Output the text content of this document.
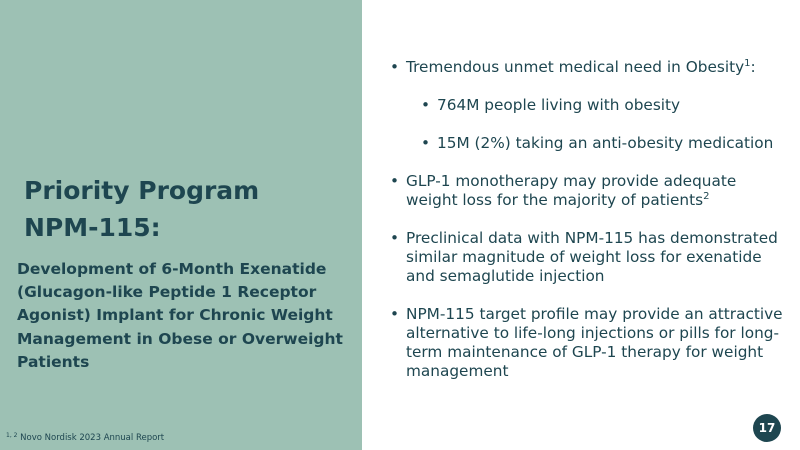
Priority Program
NPM-115:

Development of 6-Month Exenatide (Glucagon-like Peptide 1 Receptor Agonist) Implant for Chronic Weight Management in Obese or Overweight Patients

$^{1, 2}$ Novo Nordisk 2023 Annual Report

• Tremendous unmet medical need in Obesity$^1$:
• 764M people living with obesity
• 15M (2%) taking an anti-obesity medication
• GLP-1 monotherapy may provide adequate weight loss for the majority of patients$^2$
• Preclinical data with NPM-115 has demonstrated similar magnitude of weight loss for exenatide and semaglutide injection
• NPM-115 target profile may provide an attractive alternative to life-long injections or pills for long-term maintenance of GLP-1 therapy for weight management
17
